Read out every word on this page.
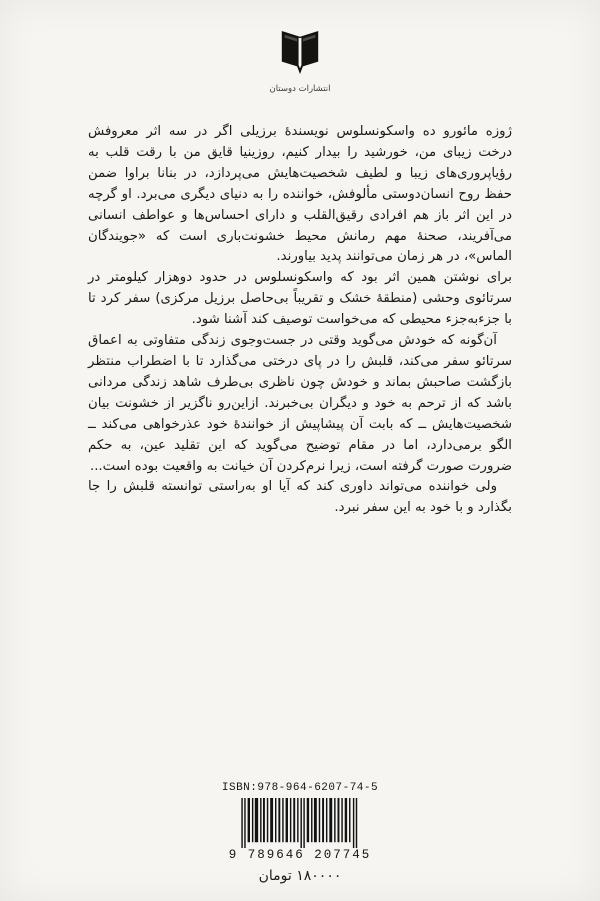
انتشارات دوستان

ژوزه مائورو ده واسکونسلوس نویسندهٔ برزیلی اگر در سه اثر معروفش درخت زیبای من، خورشید را بیدار کنیم، روزینیا قایق من با رقت قلب به رؤیاپروری‌های زیبا و لطیف شخصیت‌هایش می‌پردازد، در بنانا براوا ضمن حفظ روح انسان‌دوستی مألوفش، خواننده را به دنیای دیگری می‌برد. او گرچه در این اثر باز هم افرادی رقیق‌القلب و دارای احساس‌ها و عواطف انسانی می‌آفریند، صحنهٔ مهم رمانش محیط خشونت‌باری است که «جویندگان الماس»، در هر زمان می‌توانند پدید بیاورند.

برای نوشتن همین اثر بود که واسکونسلوس در حدود دوهزار کیلومتر در سرتائوی وحشی (منطقهٔ خشک و تقریباً بی‌حاصل برزیل مرکزی) سفر کرد تا با جزءبه‌جزء محیطی که می‌خواست توصیف کند آشنا شود.

آن‌گونه که خودش می‌گوید وقتی در جست‌وجوی زندگی متفاوتی به اعماق سرتائو سفر می‌کند، قلبش را در پای درختی می‌گذارد تا با اضطراب منتظر بازگشت صاحبش بماند و خودش چون ناظری بی‌طرف شاهد زندگی مردانی باشد که از ترحم به خود و دیگران بی‌خبرند. ازاین‌رو ناگزیر از خشونت بیان شخصیت‌هایش ــ که بابت آن پیشاپیش از خوانندهٔ خود عذرخواهی می‌کند ــ الگو برمی‌دارد، اما در مقام توضیح می‌گوید که این تقلید عین، به حکم ضرورت صورت گرفته است، زیرا نرم‌کردن آن خیانت به واقعیت بوده است...

ولی خواننده می‌تواند داوری کند که آیا او به‌راستی توانسته قلبش را جا بگذارد و با خود به این سفر نبرد.

ISBN:978-964-6207-74-5
9 789646 207745
۱۸۰۰۰۰ تومان
